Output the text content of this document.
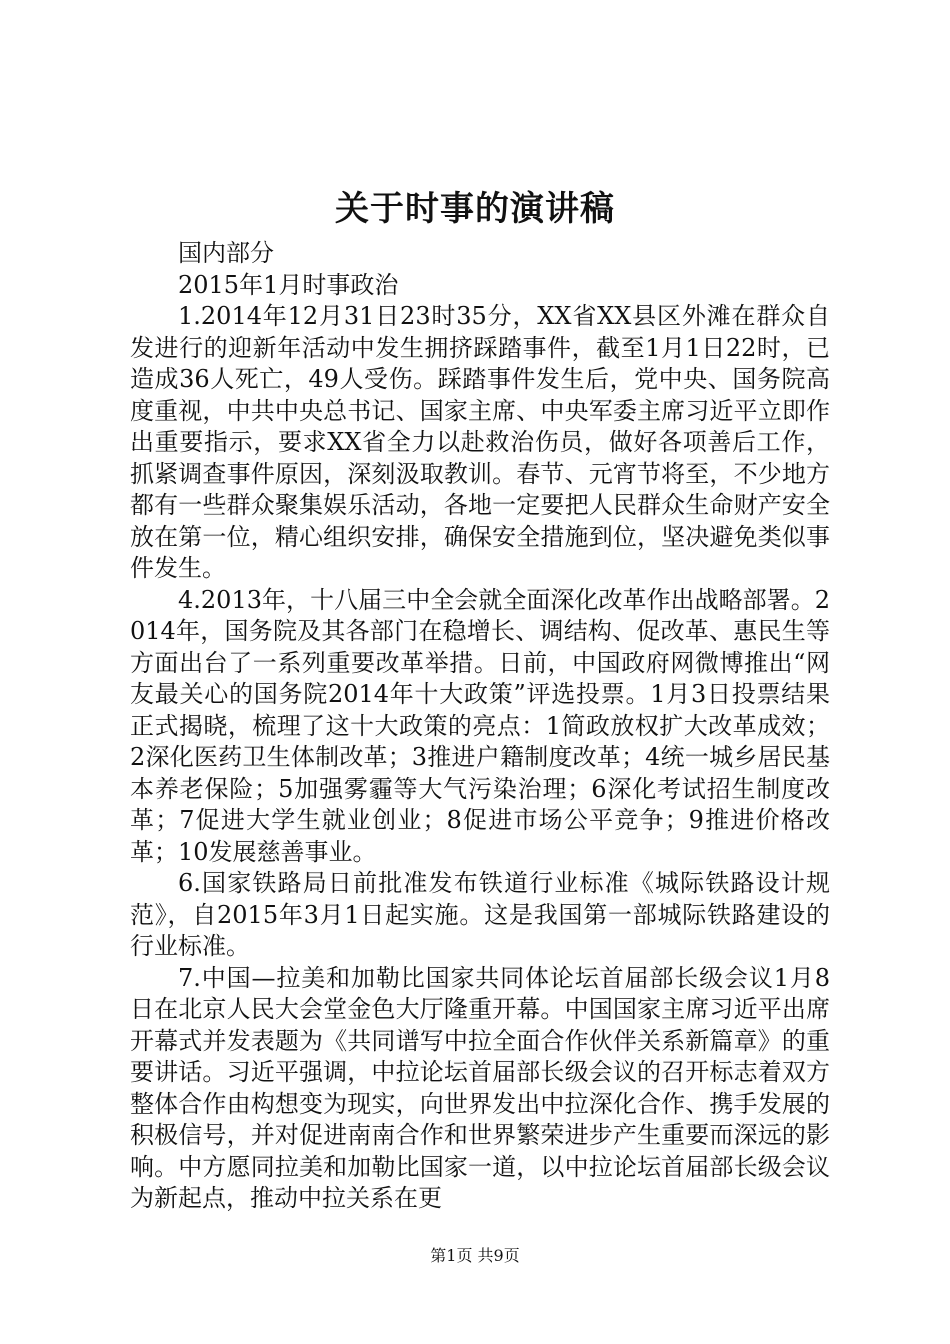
关于时事的演讲稿

国内部分

2015年1月时事政治

1.2014年12月31日23时35分，XX省XX县区外滩在群众自发进行的迎新年活动中发生拥挤踩踏事件，截至1月1日22时，已造成36人死亡，49人受伤。踩踏事件发生后，党中央、国务院高度重视，中共中央总书记、国家主席、中央军委主席习近平立即作出重要指示，要求XX省全力以赴救治伤员，做好各项善后工作，抓紧调查事件原因，深刻汲取教训。春节、元宵节将至，不少地方都有一些群众聚集娱乐活动，各地一定要把人民群众生命财产安全放在第一位，精心组织安排，确保安全措施到位，坚决避免类似事件发生。

4.2013年，十八届三中全会就全面深化改革作出战略部署。2014年，国务院及其各部门在稳增长、调结构、促改革、惠民生等方面出台了一系列重要改革举措。日前，中国政府网微博推出“网友最关心的国务院2014年十大政策”评选投票。1月3日投票结果正式揭晓，梳理了这十大政策的亮点：1简政放权扩大改革成效；2深化医药卫生体制改革；3推进户籍制度改革；4统一城乡居民基本养老保险；5加强雾霾等大气污染治理；6深化考试招生制度改革；7促进大学生就业创业；8促进市场公平竞争；9推进价格改革；10发展慈善事业。

6.国家铁路局日前批准发布铁道行业标准《城际铁路设计规范》，自2015年3月1日起实施。这是我国第一部城际铁路建设的行业标准。

7.中国—拉美和加勒比国家共同体论坛首届部长级会议1月8日在北京人民大会堂金色大厅隆重开幕。中国国家主席习近平出席开幕式并发表题为《共同谱写中拉全面合作伙伴关系新篇章》的重要讲话。习近平强调，中拉论坛首届部长级会议的召开标志着双方整体合作由构想变为现实，向世界发出中拉深化合作、携手发展的积极信号，并对促进南南合作和世界繁荣进步产生重要而深远的影响。中方愿同拉美和加勒比国家一道，以中拉论坛首届部长级会议为新起点，推动中拉关系在更

第1页 共9页
